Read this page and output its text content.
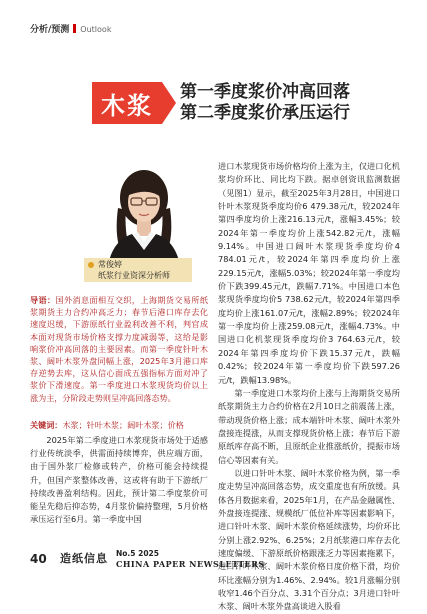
分析/预测 Outlook
木浆	第一季度浆价冲高回落
第二季度浆价承压运行
常俊婷
纸浆行业资深分析师
导语：国外消息面相互交织，上海期货交易所纸浆期货主力合约冲高乏力；春节后港口库存去化速度迟缓，下游原纸行业盈利改善不利，判官成本面对现货市场价格支撑力度减弱等，这给是影响浆价冲高回落的主要因素。而第一季度针叶木浆、阔叶木浆外盘同幅上涨，2025年3月港口库存逆势去库，这从信心面成五强指标方面对冲了浆价下滑速度。第一季度进口木浆现货均价以上涨为主，分阶段走势则呈冲高回落态势。
关键词：木浆；针叶木浆；阔叶木浆；价格

2025年第二季度进口木浆现货市场处于适感行业传统淡季，供需面持续博弈，供应端方面，由于国外浆厂检修或转产，价格可能会持续提升，但国产浆整体改善，这或将有助于下游纸厂持续改善盈利结构。因此，预计第二季度浆价可能呈先稳后抑态势，4月浆价偏持整理，5月价格承压运行至6月。第一季度中国

进口木浆现货市场价格均价上涨为主，仅进口化机浆均价环比、同比均下跌。据卓创资讯监测数据（见图1）显示，截至2025年3月28日，中国进口针叶木浆现货季度均价6 479.38元/t，较2024年第四季度均价上涨216.13元/t，涨幅3.45%；较2024年第一季度均价上涨542.82元/t，涨幅9.14%。中国进口阔叶木浆现货季度均价4 784.01元/t，较2024年第四季度均价上涨229.15元/t，涨幅5.03%；较2024年第一季度均价下跌399.45元/t，跌幅7.71%。中国进口本色浆现货季度均价5 738.62元/t，较2024年第四季度均价上涨161.07元/t，涨幅2.89%；较2024年第一季度均价上涨259.08元/t，涨幅4.73%。中国进口化机浆现货季度均价3 764.63元/t，较2024年第四季度均价下跌15.37元/t，跌幅0.42%；较2024年第一季度均价下跌597.26元/t，跌幅13.98%。

第一季度进口木浆均价上涨与上海期货交易所纸浆期货主力合约价格在2月10日之前震荡上涨，带动现货价格上涨；成本端针叶木浆、阔叶木浆外盘接连提涨，从而支撑现货价格上涨；春节后下游原纸库存高不断，且原纸企业推涨纸价，提振市场信心等因素有关。

以进口针叶木浆、阔叶木浆价格为例，第一季度走势呈冲高回落态势，成交重度也有所放缓。具体各月数据来看，2025年1月，在产品金融属性、外盘接连提涨、规模纸厂低位补库等因素影响下，进口针叶木浆、阔叶木浆价格延续涨势，均价环比分别上涨2.92%、6.25%；2月纸浆港口库存去化速度偏缓、下游原纸价格跟涨乏力等因素拖累下，进口针叶木浆、阔叶木浆价格日度价格下滑，均价环比涨幅分别为1.46%、2.94%。较1月涨幅分别收窄1.46个百分点、3.31个百分点；3月进口针叶木浆、阔叶木浆外盘高谈进入股看

40 造纸信息 No.5 2025
CHINA PAPER NEWSLETTERS
